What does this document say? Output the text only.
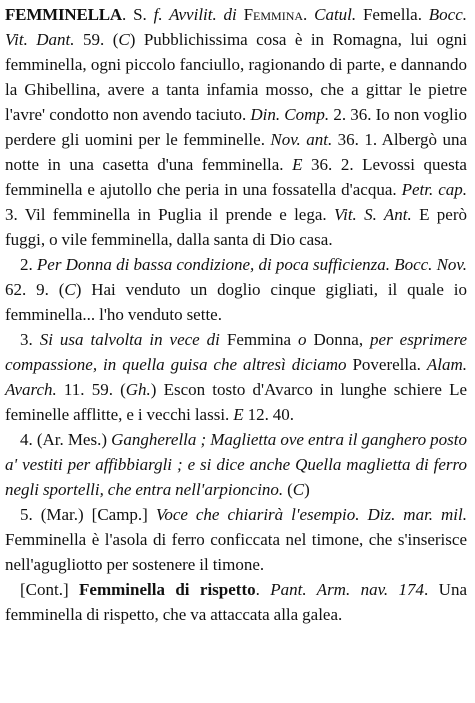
FEMMINELLA. S. f. Avvilit. di Femmina. Catul. Femella. Bocc. Vit. Dant. 59. (C) Pubblichissima cosa è in Romagna, lui ogni femminella, ogni piccolo fanciullo, ragionando di parte, e dannando la Ghibellina, avere a tanta infamia mosso, che a gittar le pietre l'avre' condotto non avendo taciuto. Din. Comp. 2. 36. Io non voglio perdere gli uomini per le femminelle. Nov. ant. 36. 1. Albergò una notte in una casetta d'una femminella. E 36. 2. Levossi questa femminella e ajutollo che peria in una fossatella d'acqua. Petr. cap. 3. Vil femminella in Puglia il prende e lega. Vit. S. Ant. E però fuggi, o vile femminella, dalla santa di Dio casa.

2. Per Donna di bassa condizione, di poca sufficienza. Bocc. Nov. 62. 9. (C) Hai venduto un doglio cinque gigliati, il quale io femminella... l'ho venduto sette.

3. Si usa talvolta in vece di Femmina o Donna, per esprimere compassione, in quella guisa che altresì diciamo Poverella. Alam. Avarch. 11. 59. (Gh.) Escon tosto d'Avarco in lunghe schiere Le feminelle afflitte, e i vecchi lassi. E 12. 40.

4. (Ar. Mes.) Gangherella ; Maglietta ove entra il ganghero posto a' vestiti per affibbiargli ; e si dice anche Quella maglietta di ferro negli sportelli, che entra nell'arpioncino. (C)

5. (Mar.) [Camp.] Voce che chiarirà l'esempio. Diz. mar. mil. Femminella è l'asola di ferro conficcata nel timone, che s'inserisce nell'agugliotto per sostenere il timone.

[Cont.] Femminella di rispetto. Pant. Arm. nav. 174. Una femminella di rispetto, che va attaccata alla galea.
